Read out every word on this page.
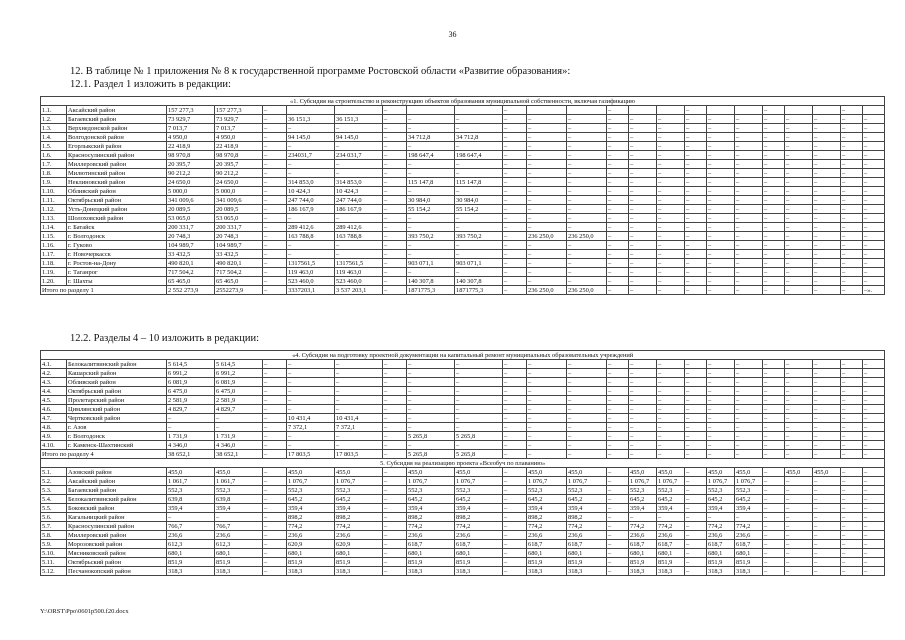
36
12. В таблице № 1 приложения № 8 к государственной программе Ростовской области «Развитие образования»:
12.1. Раздел 1 изложить в редакции:
«1. Субсидия на строительство и реконструкцию объектов образования муниципальной собственности, включая газификацию																							
1.1.	Аксайский район	157 277,3	157 277,3	–			–			–			–			–			–			–	
1.2.	Багаевский район	73 929,7	73 929,7	–	36 151,3	36 151,3	–	–	–	–	–	–	–	–	–	–	–	–	–	–	–	–	–
1.3.	Верхнедонской район	7 013,7	7 013,7	–	–	–	–	–	–	–	–	–	–	–	–	–	–	–	–	–	–	–	–
1.4.	Волгодонской район	4 950,0	4 950,0	–	94 145,0	94 145,0	–	34 712,8	34 712,8	–	–	–	–	–	–	–	–	–	–	–	–	–	–
1.5.	Егорлыкский район	22 418,9	22 418,9	–	–	–	–	–	–	–	–	–	–	–	–	–	–	–	–	–	–	–	–
1.6.	Красносулинский район	98 970,8	98 970,8	–	234031,7	234 031,7	–	198 647,4	198 647,4	–	–	–	–	–	–	–	–	–	–	–	–	–	–
1.7.	Миллеровский район	20 395,7	20 395,7	–	–	–	–	–	–	–	–	–	–	–	–	–	–	–	–	–	–	–	–
1.8.	Милютинский район	90 212,2	90 212,2	–	–	–	–	–	–	–	–	–	–	–	–	–	–	–	–	–	–	–	–
1.9.	Неклиновский район	24 650,0	24 650,0	–	314 853,0	314 853,0	–	115 147,8	115 147,8	–	–	–	–	–	–	–	–	–	–	–	–	–	–
1.10.	Обливский район	5 000,0	5 000,0	–	10 424,3	10 424,3	–	–	–	–	–	–	–	–	–	–	–	–	–	–	–	–	–
1.11.	Октябрьский район	341 009,6	341 009,6	–	247 744,0	247 744,0	–	30 984,0	30 984,0	–	–	–	–	–	–	–	–	–	–	–	–	–	–
1.12.	Усть-Донецкий район	20 089,5	20 089,5	–	186 167,9	186 167,9	–	55 154,2	55 154,2	–	–	–	–	–	–	–	–	–	–	–	–	–	–
1.13.	Шолоховский район	53 065,0	53 065,0	–	–	–	–	–	–	–	–	–	–	–	–	–	–	–	–	–	–	–	–
1.14.	г. Батайск	200 331,7	200 331,7	–	289 412,6	289 412,6	–	–	–	–	–	–	–	–	–	–	–	–	–	–	–	–	–
1.15.	г. Волгодонск	20 748,3	20 748,3	–	163 788,8	163 788,8	–	393 750,2	393 750,2	–	236 250,0	236 250,0	–	–	–	–	–	–	–	–	–	–	–
1.16.	г. Гуково	104 989,7	104 989,7	–	–	–	–	–	–	–	–	–	–	–	–	–	–	–	–	–	–	–	–
1.17.	г. Новочеркасск	33 432,5	33 432,5	–	–	–	–	–	–	–	–	–	–	–	–	–	–	–	–	–	–	–	–
1.18.	г. Ростов-на-Дону	490 820,1	490 820,1	–	1317561,5	1317561,5	–	903 071,1	903 071,1	–	–	–	–	–	–	–	–	–	–	–	–	–	–
1.19.	г. Таганрог	717 504,2	717 504,2	–	119 463,0	119 463,0	–	–	–	–	–	–	–	–	–	–	–	–	–	–	–	–	–
1.20.	г. Шахты	65 465,0	65 465,0	–	523 460,0	523 460,0	–	140 307,8	140 307,8	–	–	–	–	–	–	–	–	–	–	–	–	–	–
Итого по разделу 1		2 552 273,9	2552273,9	–	3337203,1	3 537 203,1	–	1871775,3	1871775,3	–	236 250,0	236 250,0	–	–	–	–	–	–	–	–	–	–	–».
12.2. Разделы 4 – 10 изложить в редакции:
«4. Субсидия на подготовку проектной документации на капитальный ремонт муниципальных образовательных учреждений																							
4.1.	Белокалитвинский район	5 614,5	5 614,5	–	–	–	–	–	–	–	–	–	–	–	–	–	–	–	–	–	–	–	–
4.2.	Кашарский район	6 991,2	6 991,2	–	–	–	–	–	–	–	–	–	–	–	–	–	–	–	–	–	–	–	–
4.3.	Обливский район	6 081,9	6 081,9	–	–	–	–	–	–	–	–	–	–	–	–	–	–	–	–	–	–	–	–
4.4.	Октябрьский район	6 475,0	6 475,0	–	–	–	–	–	–	–	–	–	–	–	–	–	–	–	–	–	–	–	–
4.5.	Пролетарский район	2 581,9	2 581,9	–	–	–	–	–	–	–	–	–	–	–	–	–	–	–	–	–	–	–	–
4.6.	Цимлянский район	4 829,7	4 829,7	–	–	–	–	–	–	–	–	–	–	–	–	–	–	–	–	–	–	–	–
4.7.	Чертковский район	–	–	–	10 431,4	10 431,4	–	–	–	–	–	–	–	–	–	–	–	–	–	–	–	–	–
4.8.	г. Азов	–	–	–	7 372,1	7 372,1	–	–	–	–	–	–	–	–	–	–	–	–	–	–	–	–	–
4.9.	г. Волгодонск	1 731,9	1 731,9	–	–	–	–	5 265,8	5 265,8	–	–	–	–	–	–	–	–	–	–	–	–	–	–
4.10.	г. Каменск-Шахтинский	4 346,0	4 346,0	–	–	–	–	–	–	–	–	–	–	–	–	–	–	–	–	–	–	–	–
Итого по разделу 4		38 652,1	38 652,1	–	17 803,5	17 803,5	–	5 265,8	5 265,8	–	–	–	–	–	–	–	–	–	–	–	–	–	–
5. Субсидия на реализацию проекта «Всеобуч по плаванию»																							
5.1.	Азовский район	455,0	455,0	–	455,0	455,0	–	455,0	455,0	–	455,0	455,0	–	455,0	455,0	–	455,0	455,0	–	455,0	455,0	–	–
5.2.	Аксайский район	1 061,7	1 061,7	–	1 076,7	1 076,7	–	1 076,7	1 076,7	–	1 076,7	1 076,7	–	1 076,7	1 076,7	–	1 076,7	1 076,7	–	–	–	–	–
5.3.	Багаевский район	552,3	552,3	–	552,3	552,3	–	552,3	552,3	–	552,3	552,3	–	552,3	552,3	–	552,3	552,3	–	–	–	–	–
5.4.	Белокалитвинский район	639,8	639,8	–	645,2	645,2	–	645,2	645,2	–	645,2	645,2	–	645,2	645,2	–	645,2	645,2	–	–	–	–	–
5.5.	Боковский район	359,4	359,4	–	359,4	359,4	–	359,4	359,4	–	359,4	359,4	–	359,4	359,4	–	359,4	359,4	–	–	–	–	–
5.6.	Кагальницкий район	–	–	–	898,2	898,2	–	898,2	898,2	–	898,2	898,2	–	–	–	–	–	–	–	–	–	–	–
5.7.	Красносулинский район	766,7	766,7	–	774,2	774,2	–	774,2	774,2	–	774,2	774,2	–	774,2	774,2	–	774,2	774,2	–	–	–	–	–
5.8.	Миллеровский район	236,6	236,6	–	236,6	236,6	–	236,6	236,6	–	236,6	236,6	–	236,6	236,6	–	236,6	236,6	–	–	–	–	–
5.9.	Морозовский район	612,3	612,3	–	620,9	620,9	–	618,7	618,7	–	618,7	618,7	–	618,7	618,7	–	618,7	618,7	–	–	–	–	–
5.10.	Мясниковский район	680,1	680,1	–	680,1	680,1	–	680,1	680,1	–	680,1	680,1	–	680,1	680,1	–	680,1	680,1	–	–	–	–	–
5.11.	Октябрьский район	851,9	851,9	–	851,9	851,9	–	851,9	851,9	–	851,9	851,9	–	851,9	851,9	–	851,9	851,9	–	–	–	–	–
5.12.	Песчанокопский район	318,3	318,3	–	318,3	318,3	–	318,3	318,3	–	318,3	318,3	–	318,3	318,3	–	318,3	318,3	–	–	–	–	–
Y:\ORST\Ppo\0601p500.f20.docx
